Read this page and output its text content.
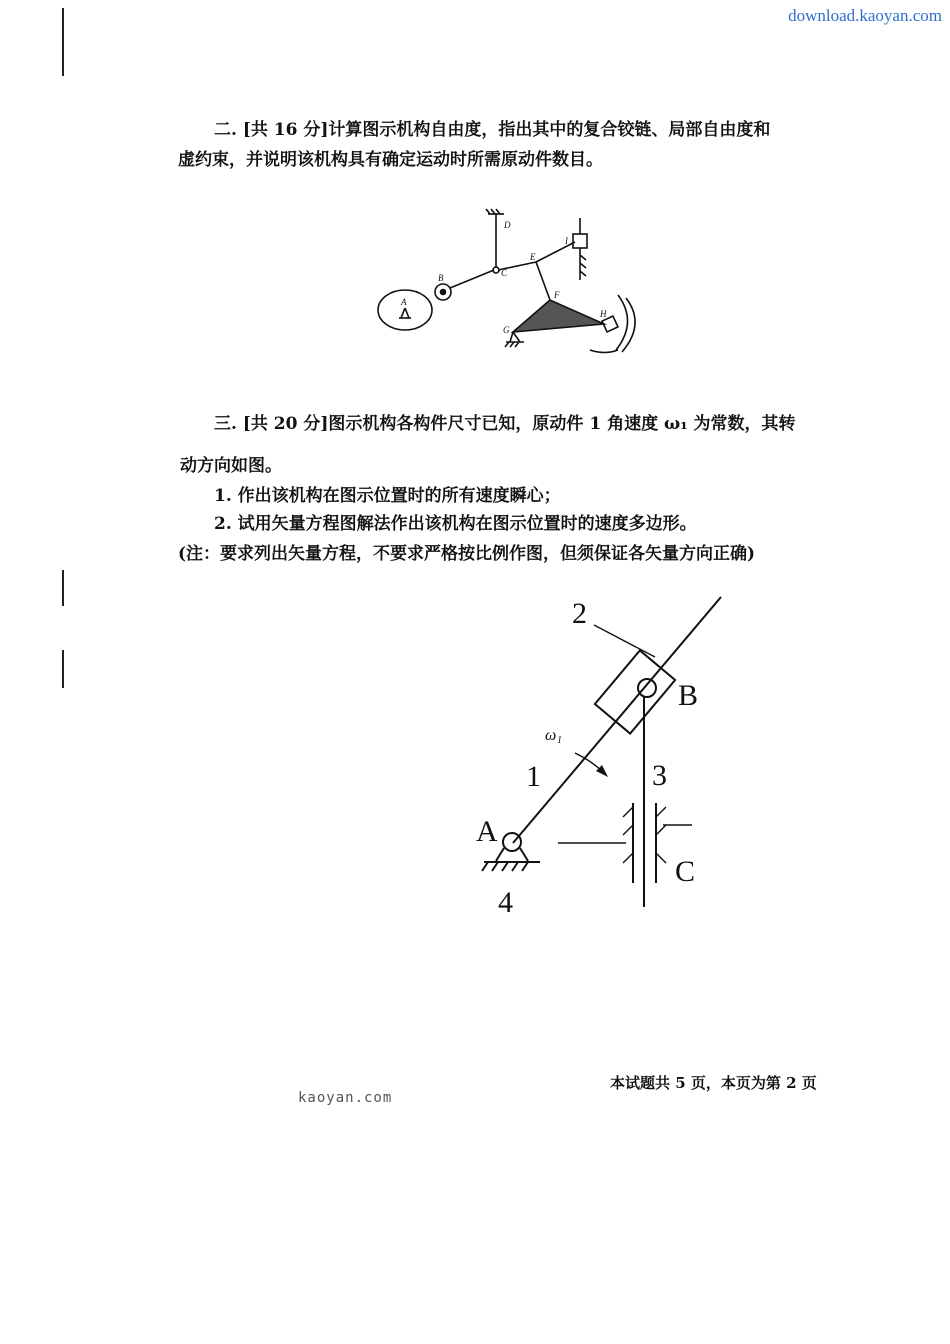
download.kaoyan.com
二. [共 16 分]计算图示机构自由度，指出其中的复合铰链、局部自由度和
虚约束，并说明该机构具有确定运动时所需原动件数目。
A
B	C
D
E
F
G
H
I
三. [共 20 分]图示机构各构件尺寸已知，原动件 1 角速度 ω₁ 为常数，其转
动方向如图。
1. 作出该机构在图示位置时的所有速度瞬心；
2. 试用矢量方程图解法作出该机构在图示位置时的速度多边形。
(注：要求列出矢量方程，不要求严格按比例作图，但须保证各矢量方向正确)
2
B
1	3
A
C
4
ω 1
本试题共 5 页，本页为第 2 页
kaoyan.com
